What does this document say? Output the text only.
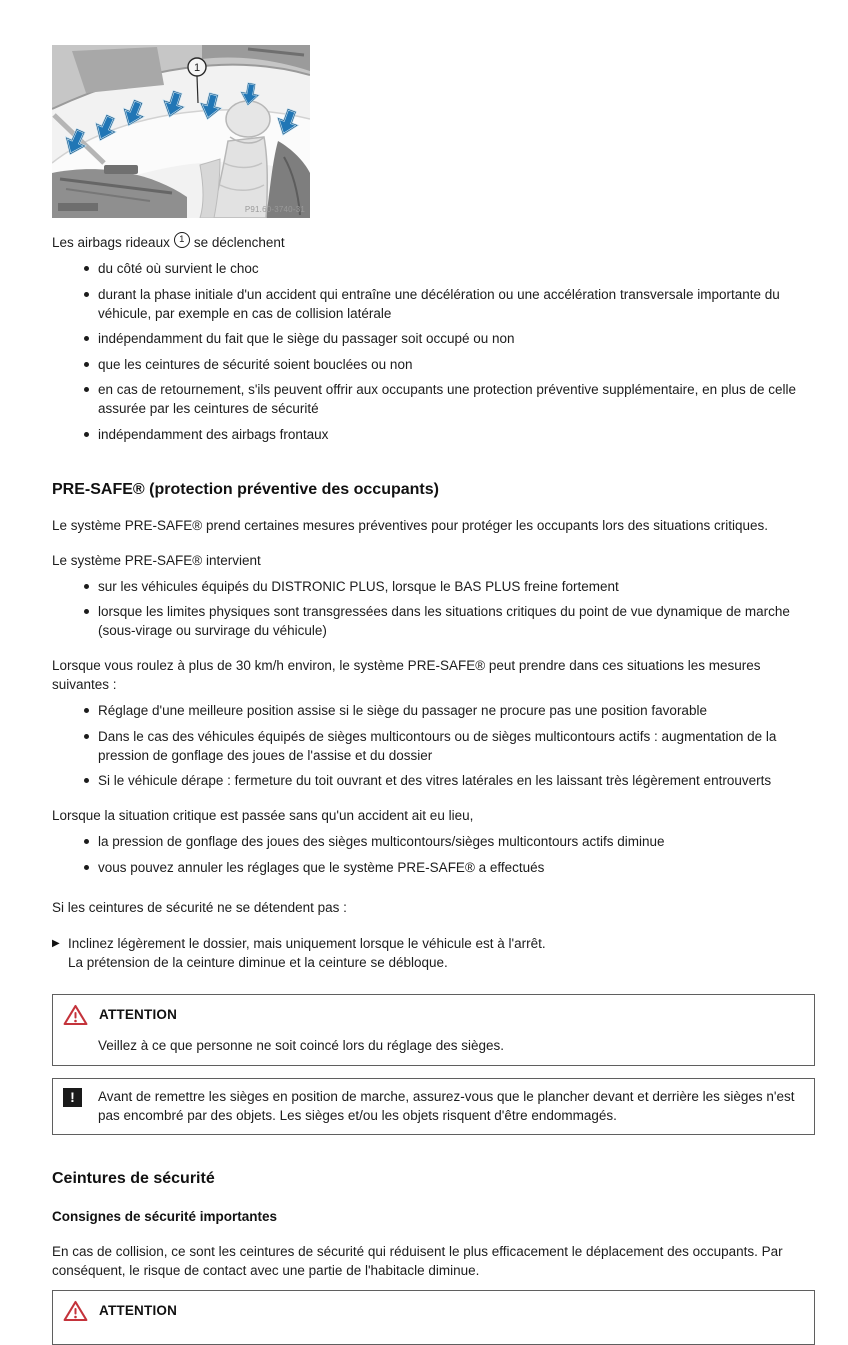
1
P91.60-3740-31

Les airbags rideaux 1 se déclenchent

du côté où survient le choc
durant la phase initiale d'un accident qui entraîne une décélération ou une accélération transversale importante du véhicule, par exemple en cas de collision latérale
indépendamment du fait que le siège du passager soit occupé ou non
que les ceintures de sécurité soient bouclées ou non
en cas de retournement, s'ils peuvent offrir aux occupants une protection préventive supplémentaire, en plus de celle assurée par les ceintures de sécurité
indépendamment des airbags frontaux
PRE-SAFE® (protection préventive des occupants)

Le système PRE-SAFE® prend certaines mesures préventives pour protéger les occupants lors des situations critiques.

Le système PRE-SAFE® intervient

sur les véhicules équipés du DISTRONIC PLUS, lorsque le BAS PLUS freine fortement
lorsque les limites physiques sont transgressées dans les situations critiques du point de vue dynamique de marche (sous-virage ou survirage du véhicule)

Lorsque vous roulez à plus de 30 km/h environ, le système PRE-SAFE® peut prendre dans ces situations les mesures suivantes :

Réglage d'une meilleure position assise si le siège du passager ne procure pas une position favorable
Dans le cas des véhicules équipés de sièges multicontours ou de sièges multicontours actifs : augmentation de la pression de gonflage des joues de l'assise et du dossier
Si le véhicule dérape : fermeture du toit ouvrant et des vitres latérales en les laissant très légèrement entrouverts

Lorsque la situation critique est passée sans qu'un accident ait eu lieu,

la pression de gonflage des joues des sièges multicontours/sièges multicontours actifs diminue
vous pouvez annuler les réglages que le système PRE-SAFE® a effectués

Si les ceintures de sécurité ne se détendent pas :

▶ Inclinez légèrement le dossier, mais uniquement lorsque le véhicule est à l'arrêt.

La prétension de la ceinture diminue et la ceinture se débloque.

ATTENTION

Veillez à ce que personne ne soit coincé lors du réglage des sièges.

!	Avant de remettre les sièges en position de marche, assurez-vous que le plancher devant et derrière les sièges n'est pas encombré par des objets. Les sièges et/ou les objets risquent d'être endommagés.

Ceintures de sécurité
Consignes de sécurité importantes

En cas de collision, ce sont les ceintures de sécurité qui réduisent le plus efficacement le déplacement des occupants. Par conséquent, le risque de contact avec une partie de l'habitacle diminue.

ATTENTION
